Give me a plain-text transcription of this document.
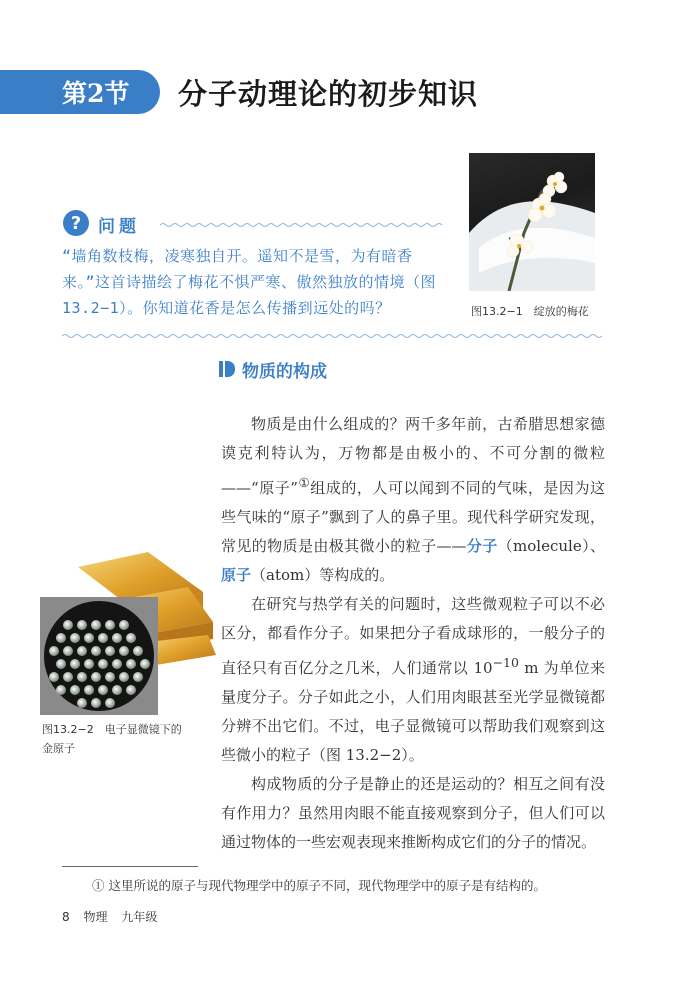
第2节 分子动理论的初步知识
图13.2−1　绽放的梅花
? 问题
“墙角数枝梅，凌寒独自开。遥知不是雪，为有暗香来。”这首诗描绘了梅花不惧严寒、傲然独放的情境（图 13.2−1）。你知道花香是怎么传播到远处的吗？
物质的构成

物质是由什么组成的？两千多年前，古希腊思想家德谟克利特认为，万物都是由极小的、不可分割的微粒——“原子”①组成的，人可以闻到不同的气味，是因为这些气味的“原子”飘到了人的鼻子里。现代科学研究发现，常见的物质是由极其微小的粒子——分子（molecule）、原子（atom）等构成的。

在研究与热学有关的问题时，这些微观粒子可以不必区分，都看作分子。如果把分子看成球形的，一般分子的直径只有百亿分之几米，人们通常以 $10^{-10}$ m 为单位来量度分子。分子如此之小，人们用肉眼甚至光学显微镜都分辨不出它们。不过，电子显微镜可以帮助我们观察到这些微小的粒子（图 13.2−2）。

构成物质的分子是静止的还是运动的？相互之间有没有作用力？虽然用肉眼不能直接观察到分子，但人们可以通过物体的一些宏观表现来推断构成它们的分子的情况。

图13.2−2　电子显微镜下的金原子
① 这里所说的原子与现代物理学中的原子不同，现代物理学中的原子是有结构的。
8 物理 九年级
